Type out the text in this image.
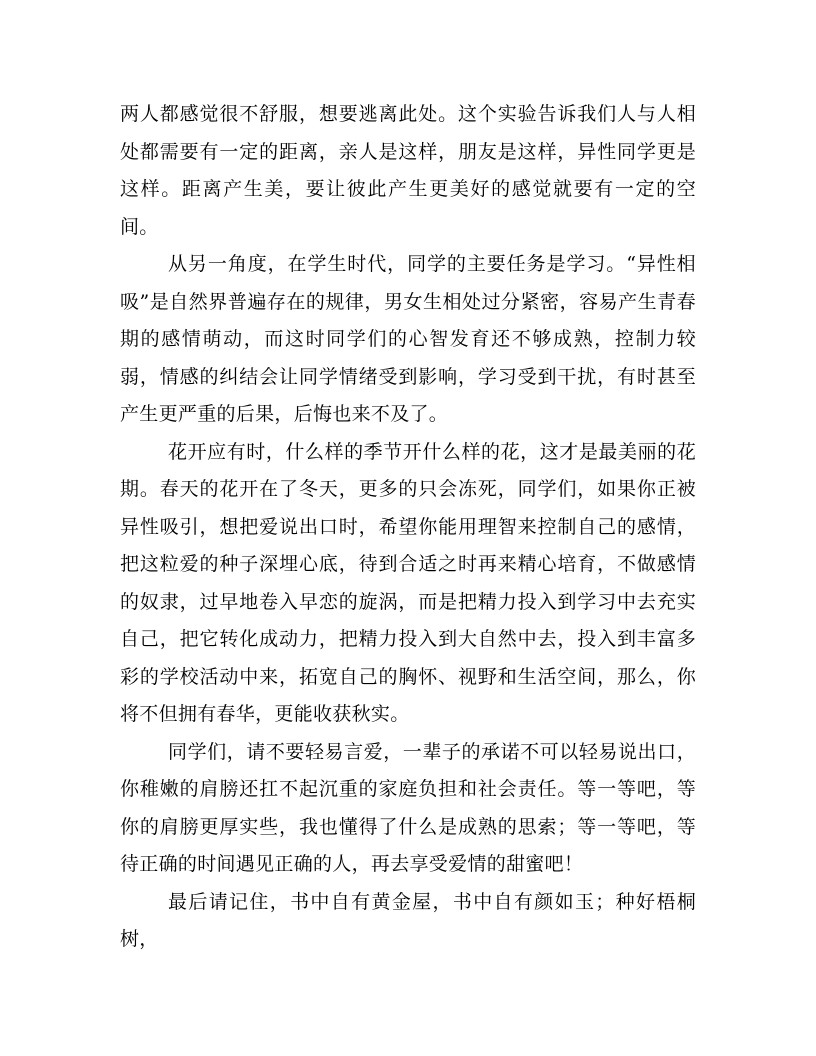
两人都感觉很不舒服，想要逃离此处。这个实验告诉我们人与人相处都需要有一定的距离，亲人是这样，朋友是这样，异性同学更是这样。距离产生美，要让彼此产生更美好的感觉就要有一定的空间。

从另一角度，在学生时代，同学的主要任务是学习。“异性相吸”是自然界普遍存在的规律，男女生相处过分紧密，容易产生青春期的感情萌动，而这时同学们的心智发育还不够成熟，控制力较弱，情感的纠结会让同学情绪受到影响，学习受到干扰，有时甚至产生更严重的后果，后悔也来不及了。

花开应有时，什么样的季节开什么样的花，这才是最美丽的花期。春天的花开在了冬天，更多的只会冻死，同学们，如果你正被异性吸引，想把爱说出口时，希望你能用理智来控制自己的感情，把这粒爱的种子深埋心底，待到合适之时再来精心培育，不做感情的奴隶，过早地卷入早恋的旋涡，而是把精力投入到学习中去充实自己，把它转化成动力，把精力投入到大自然中去，投入到丰富多彩的学校活动中来，拓宽自己的胸怀、视野和生活空间，那么，你将不但拥有春华，更能收获秋实。

同学们，请不要轻易言爱，一辈子的承诺不可以轻易说出口，你稚嫩的肩膀还扛不起沉重的家庭负担和社会责任。等一等吧，等你的肩膀更厚实些，我也懂得了什么是成熟的思索；等一等吧，等待正确的时间遇见正确的人，再去享受爱情的甜蜜吧！

最后请记住，书中自有黄金屋，书中自有颜如玉；种好梧桐树，
